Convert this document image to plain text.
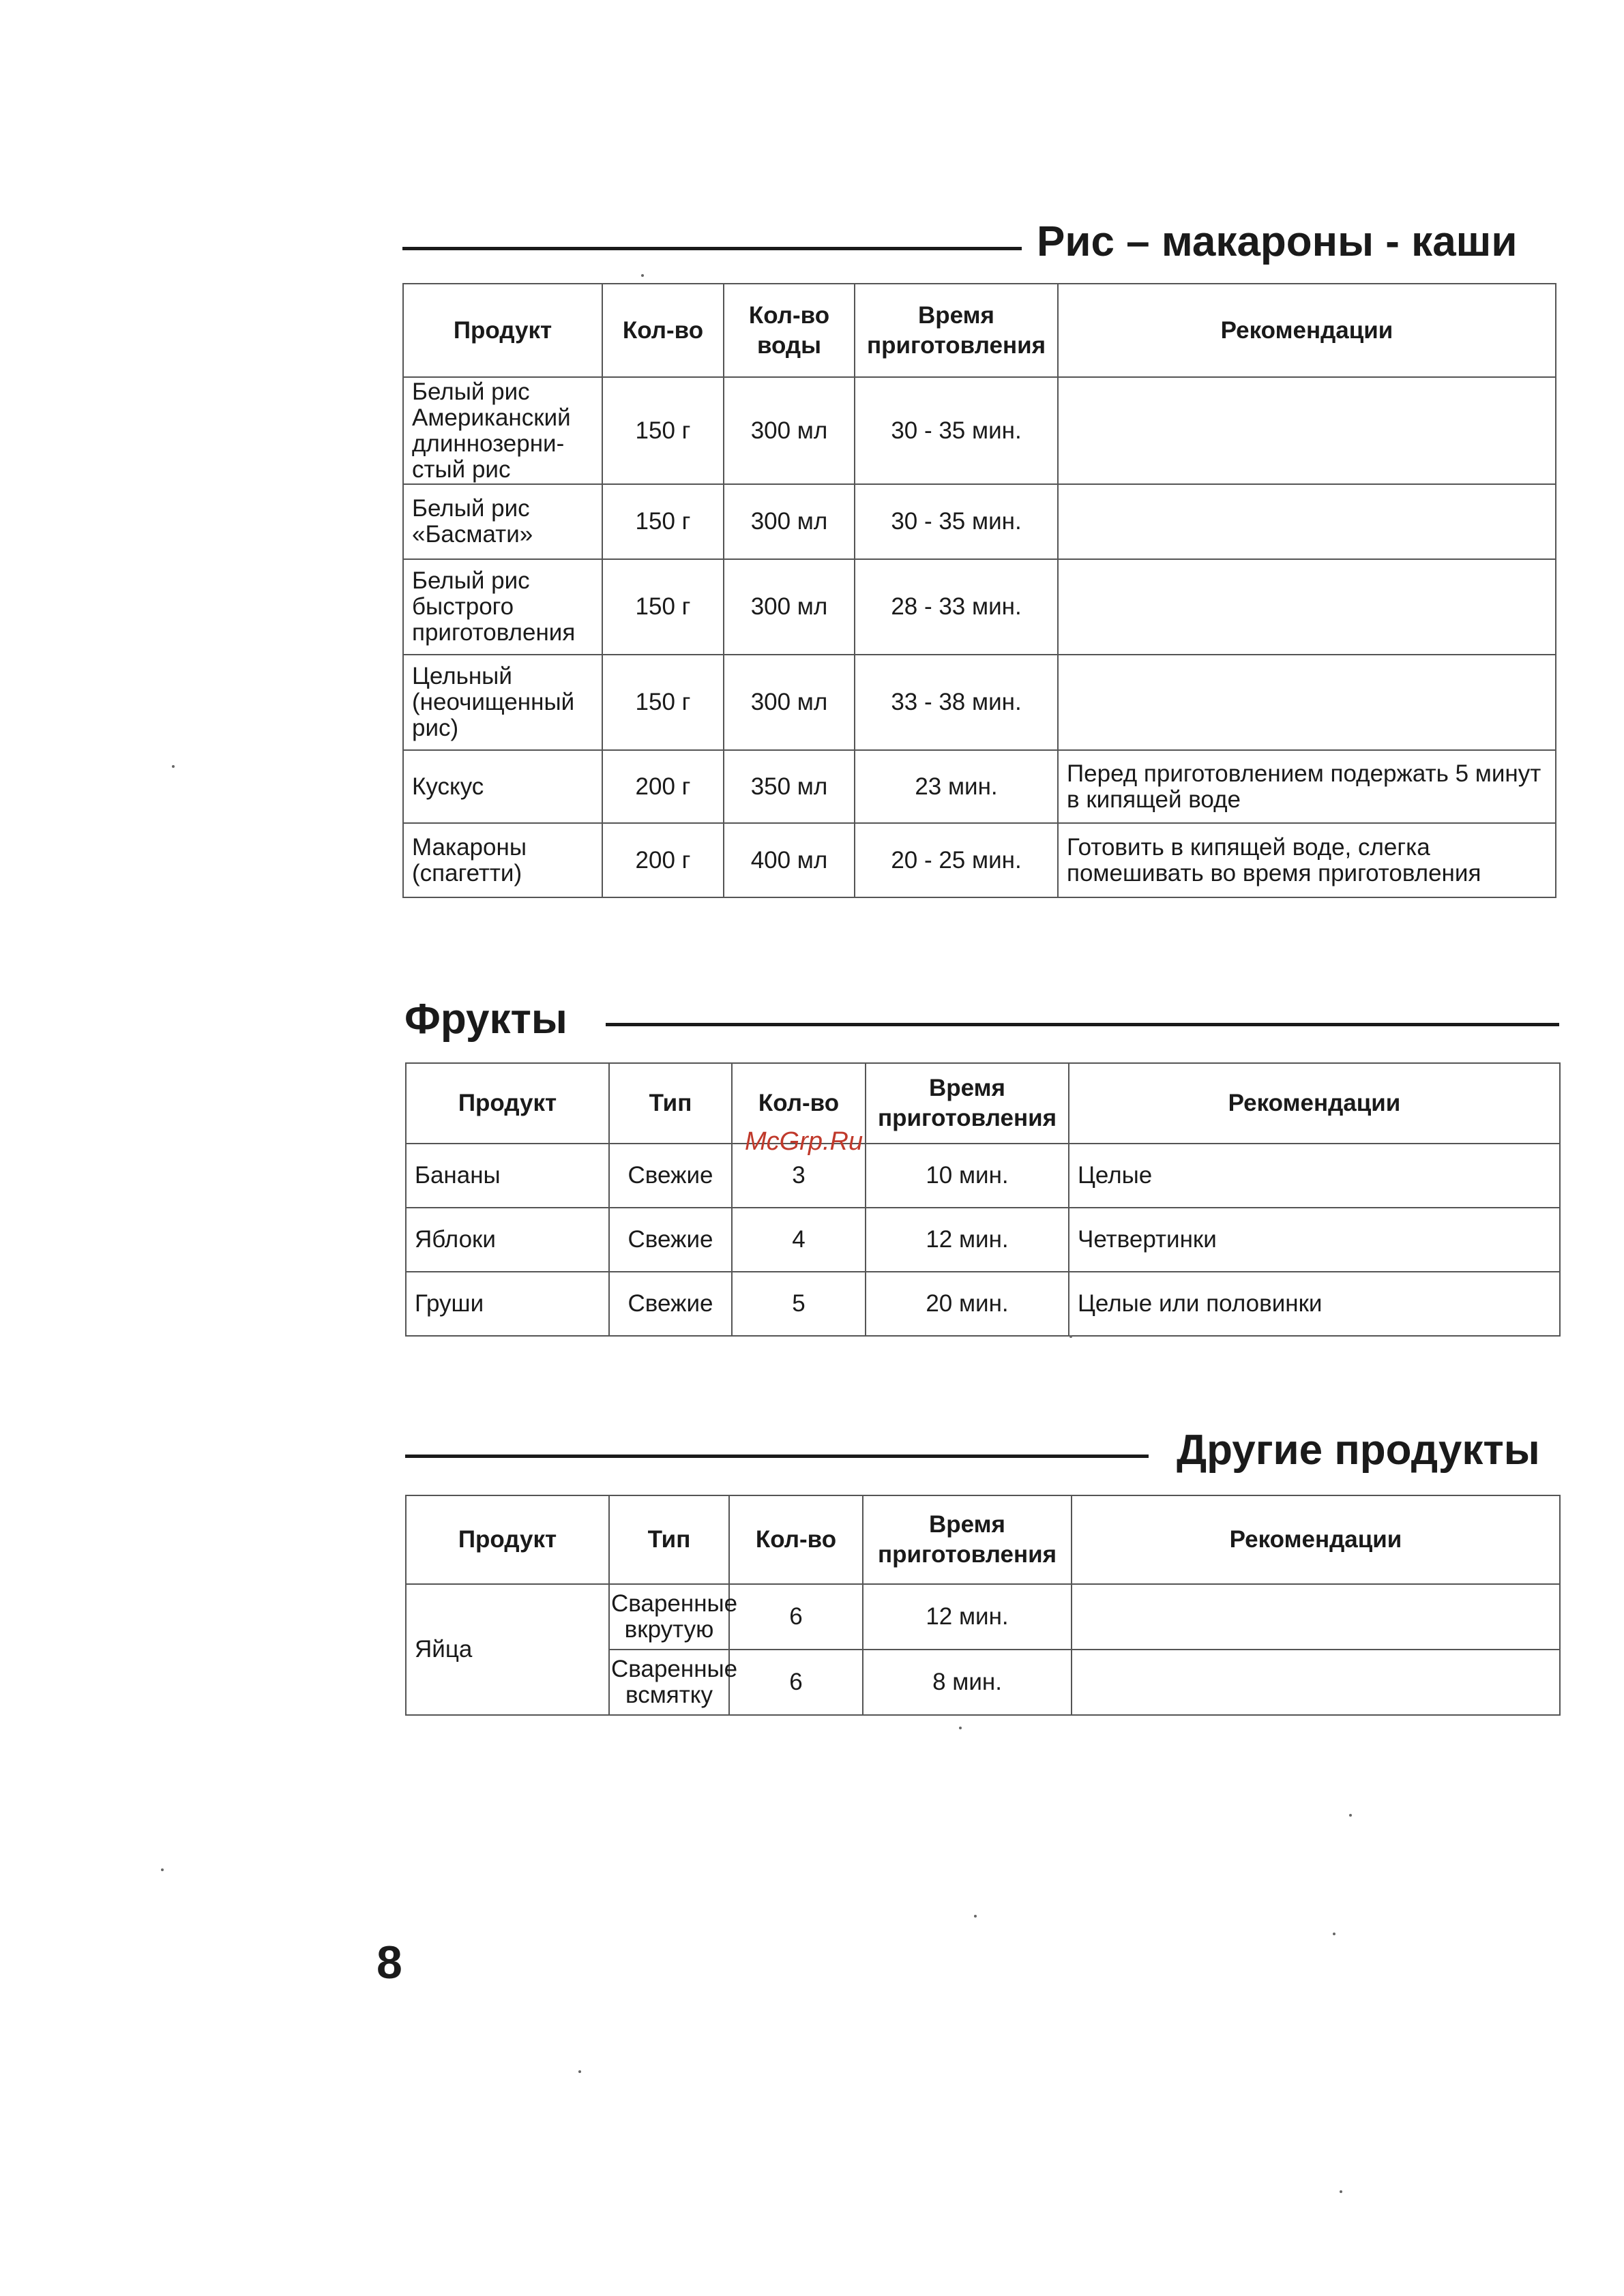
Рис – макароны - каши
Продукт	Кол-во	Кол-во воды	Время приготовления	Рекомендации
Белый рис Американский длиннозерни-стый рис	150 г	300 мл	30 - 35 мин.	
Белый рис «Басмати»	150 г	300 мл	30 - 35 мин.	
Белый рис быстрого приготовления	150 г	300 мл	28 - 33 мин.	
Цельный (неочищенный рис)	150 г	300 мл	33 - 38 мин.	
Кускус	200 г	350 мл	23 мин.	Перед приготовлением подержать 5 минут в кипящей воде
Макароны (спагетти)	200 г	400 мл	20 - 25 мин.	Готовить в кипящей воде, слегка помешивать во время приготовления
Фрукты
Продукт	Тип	Кол-во	Время приготовления	Рекомендации
Бананы	Свежие	3	10 мин.	Целые
Яблоки	Свежие	4	12 мин.	Четвертинки
Груши	Свежие	5	20 мин.	Целые или половинки
McGrp.Ru
Другие продукты
Продукт	Тип	Кол-во	Время приготовления	Рекомендации
Яйца	Сваренные вкрутую	6	12 мин.	
	Сваренные всмятку	6	8 мин.	
8
